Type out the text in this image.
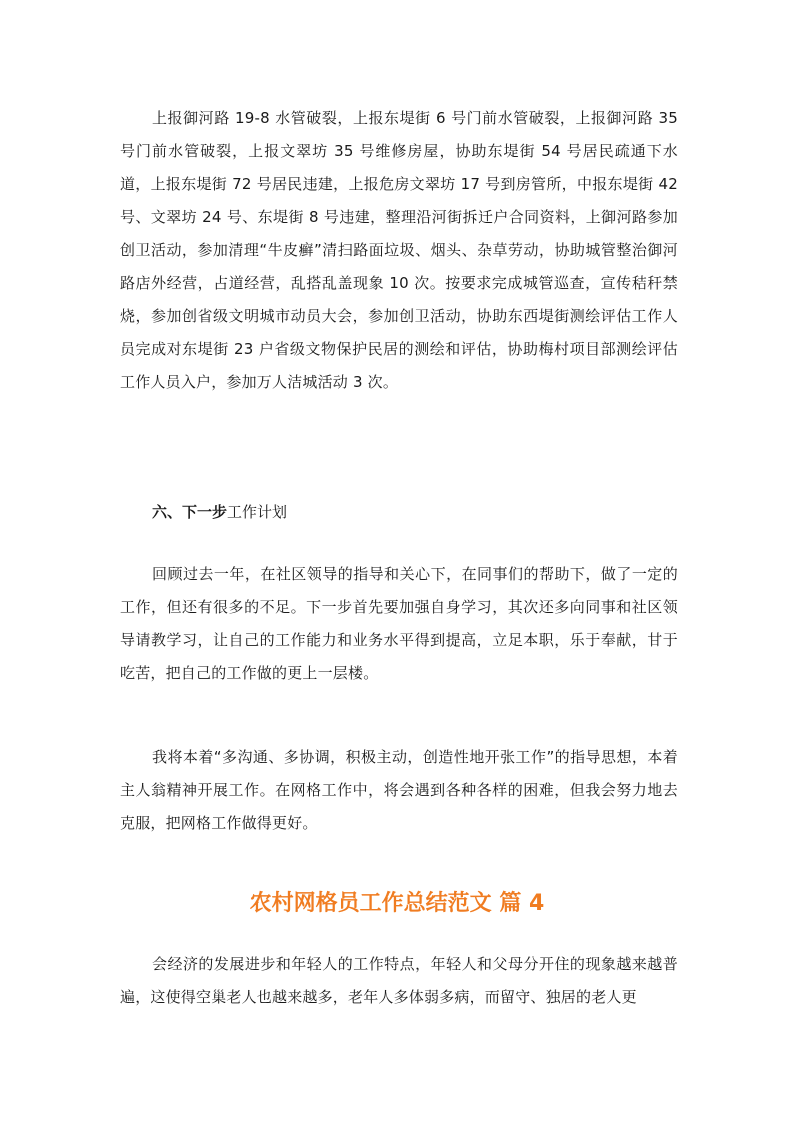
上报御河路 19-8 水管破裂，上报东堤街 6 号门前水管破裂，上报御河路 35 号门前水管破裂，上报文翠坊 35 号维修房屋，协助东堤街 54 号居民疏通下水道，上报东堤街 72 号居民违建，上报危房文翠坊 17 号到房管所，中报东堤街 42 号、文翠坊 24 号、东堤街 8 号违建，整理沿河街拆迁户合同资料，上御河路参加创卫活动，参加清理“牛皮癣”清扫路面垃圾、烟头、杂草劳动，协助城管整治御河路店外经营，占道经营，乱搭乱盖现象 10 次。按要求完成城管巡查，宣传秸秆禁烧，参加创省级文明城市动员大会，参加创卫活动，协助东西堤街测绘评估工作人员完成对东堤街 23 户省级文物保护民居的测绘和评估，协助梅村项目部测绘评估工作人员入户，参加万人洁城活动 3 次。

六、下一步工作计划

回顾过去一年，在社区领导的指导和关心下，在同事们的帮助下，做了一定的工作，但还有很多的不足。下一步首先要加强自身学习，其次还多向同事和社区领导请教学习，让自己的工作能力和业务水平得到提高，立足本职，乐于奉献，甘于吃苦，把自己的工作做的更上一层楼。

我将本着“多沟通、多协调，积极主动，创造性地开张工作”的指导思想，本着主人翁精神开展工作。在网格工作中，将会遇到各种各样的困难，但我会努力地去克服，把网格工作做得更好。

农村网格员工作总结范文 篇 4

会经济的发展进步和年轻人的工作特点，年轻人和父母分开住的现象越来越普遍，这使得空巢老人也越来越多，老年人多体弱多病，而留守、独居的老人更
